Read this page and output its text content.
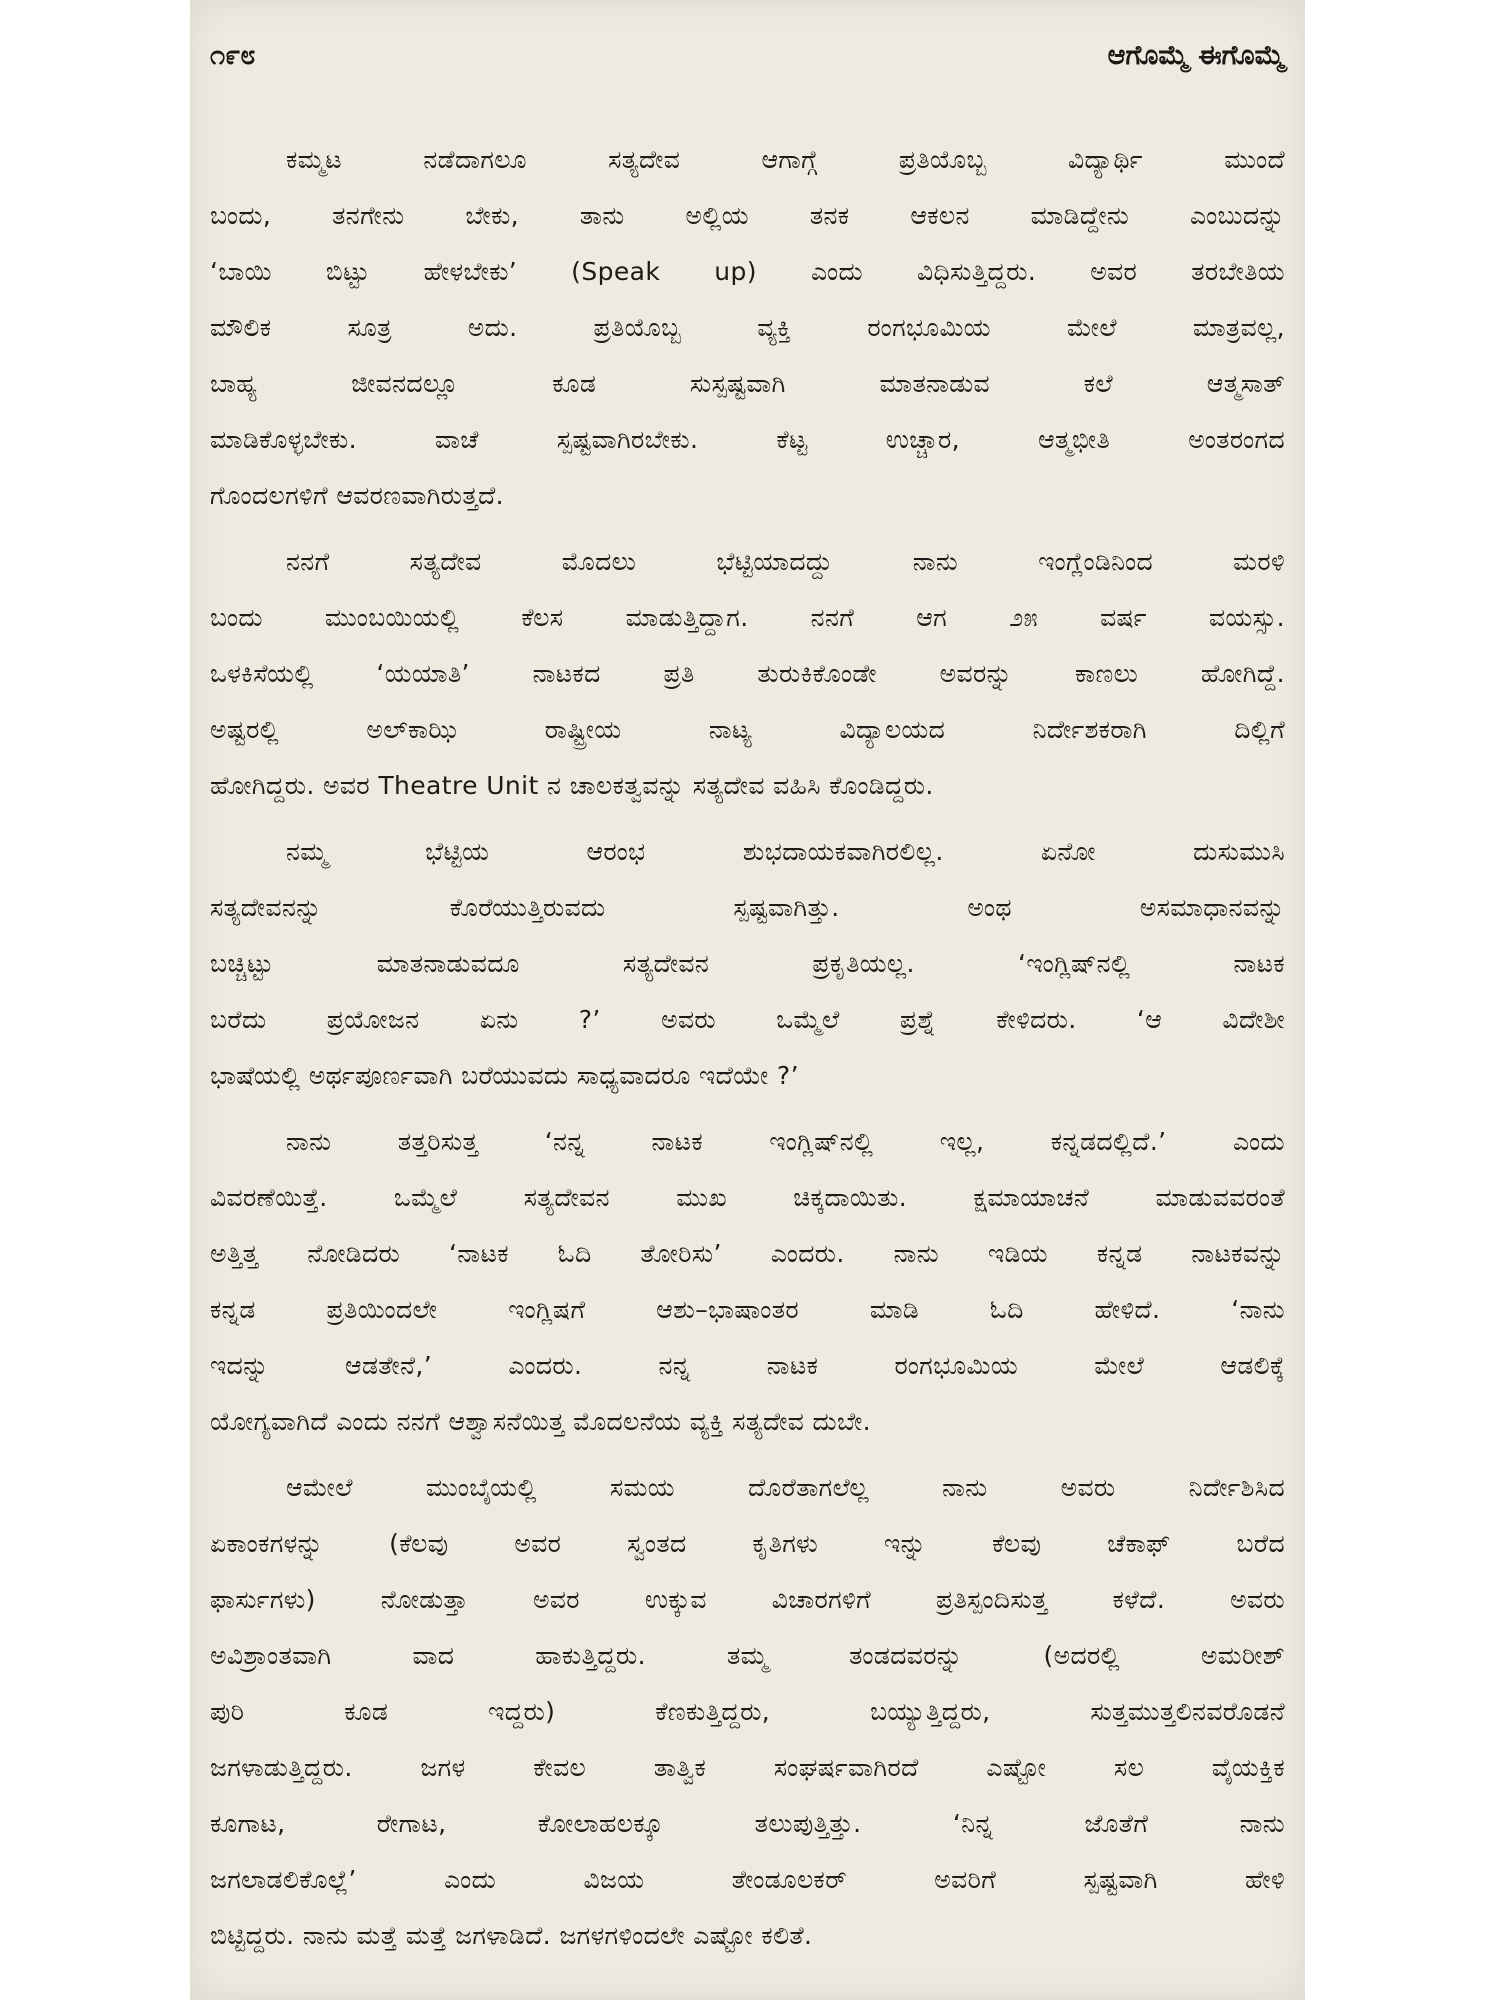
೧೯೮	ಆಗೊಮ್ಮೆ ಈಗೊಮ್ಮೆ
ಕಮ್ಮಟ ನಡೆದಾಗಲೂ ಸತ್ಯದೇವ ಆಗಾಗ್ಗೆ ಪ್ರತಿಯೊಬ್ಬ ವಿದ್ಯಾರ್ಥಿ ಮುಂದೆ
ಬಂದು, ತನಗೇನು ಬೇಕು, ತಾನು ಅಲ್ಲಿಯ ತನಕ ಆಕಲನ ಮಾಡಿದ್ದೇನು ಎಂಬುದನ್ನು
‘ಬಾಯಿ ಬಿಟ್ಟು ಹೇಳಬೇಕು’ (Speak up) ಎಂದು ವಿಧಿಸುತ್ತಿದ್ದರು. ಅವರ ತರಬೇತಿಯ
ಮೌಲಿಕ ಸೂತ್ರ ಅದು. ಪ್ರತಿಯೊಬ್ಬ ವ್ಯಕ್ತಿ ರಂಗಭೂಮಿಯ ಮೇಲೆ ಮಾತ್ರವಲ್ಲ,
ಬಾಹ್ಯ ಜೀವನದಲ್ಲೂ ಕೂಡ ಸುಸ್ಪಷ್ಟವಾಗಿ ಮಾತನಾಡುವ ಕಲೆ ಆತ್ಮಸಾತ್
ಮಾಡಿಕೊಳ್ಳಬೇಕು. ವಾಚೆ ಸ್ಪಷ್ಟವಾಗಿರಬೇಕು. ಕೆಟ್ಟ ಉಚ್ಚಾರ, ಆತ್ಮಭೀತಿ ಅಂತರಂಗದ
ಗೊಂದಲಗಳಿಗೆ ಆವರಣವಾಗಿರುತ್ತದೆ.
ನನಗೆ ಸತ್ಯದೇವ ಮೊದಲು ಭೆಟ್ಟಿಯಾದದ್ದು ನಾನು ಇಂಗ್ಲೆಂಡಿನಿಂದ ಮರಳಿ
ಬಂದು ಮುಂಬಯಿಯಲ್ಲಿ ಕೆಲಸ ಮಾಡುತ್ತಿದ್ದಾಗ. ನನಗೆ ಆಗ ೨೫ ವರ್ಷ ವಯಸ್ಸು.
ಒಳಕಿಸೆಯಲ್ಲಿ ‘ಯಯಾತಿ’ ನಾಟಕದ ಪ್ರತಿ ತುರುಕಿಕೊಂಡೇ ಅವರನ್ನು ಕಾಣಲು ಹೋಗಿದ್ದೆ.
ಅಷ್ಟರಲ್ಲಿ ಅಲ್‌ಕಾಝಿ ರಾಷ್ಟ್ರೀಯ ನಾಟ್ಯ ವಿದ್ಯಾಲಯದ ನಿರ್ದೇಶಕರಾಗಿ ದಿಲ್ಲಿಗೆ
ಹೋಗಿದ್ದರು. ಅವರ Theatre Unit ನ ಚಾಲಕತ್ವವನ್ನು ಸತ್ಯದೇವ ವಹಿಸಿ ಕೊಂಡಿದ್ದರು.
ನಮ್ಮ ಭೆಟ್ಟಿಯ ಆರಂಭ ಶುಭದಾಯಕವಾಗಿರಲಿಲ್ಲ. ಏನೋ ದುಸುಮುಸಿ
ಸತ್ಯದೇವನನ್ನು ಕೊರೆಯುತ್ತಿರುವದು ಸ್ಪಷ್ಟವಾಗಿತ್ತು. ಅಂಥ ಅಸಮಾಧಾನವನ್ನು
ಬಚ್ಚಿಟ್ಟು ಮಾತನಾಡುವದೂ ಸತ್ಯದೇವನ ಪ್ರಕೃತಿಯಲ್ಲ. ‘ಇಂಗ್ಲಿಷ್‌ನಲ್ಲಿ ನಾಟಕ
ಬರೆದು ಪ್ರಯೋಜನ ಏನು ?’ ಅವರು ಒಮ್ಮೆಲೆ ಪ್ರಶ್ನೆ ಕೇಳಿದರು. ‘ಆ ವಿದೇಶೀ
ಭಾಷೆಯಲ್ಲಿ ಅರ್ಥಪೂರ್ಣವಾಗಿ ಬರೆಯುವದು ಸಾಧ್ಯವಾದರೂ ಇದೆಯೇ ?’
ನಾನು ತತ್ತರಿಸುತ್ತ ‘ನನ್ನ ನಾಟಕ ಇಂಗ್ಲಿಷ್‌ನಲ್ಲಿ ಇಲ್ಲ, ಕನ್ನಡದಲ್ಲಿದೆ.’ ಎಂದು
ವಿವರಣೆಯಿತ್ತೆ. ಒಮ್ಮೆಲೆ ಸತ್ಯದೇವನ ಮುಖ ಚಿಕ್ಕದಾಯಿತು. ಕ್ಷಮಾಯಾಚನೆ ಮಾಡುವವರಂತೆ
ಅತ್ತಿತ್ತ ನೋಡಿದರು ‘ನಾಟಕ ಓದಿ ತೋರಿಸು’ ಎಂದರು. ನಾನು ಇಡಿಯ ಕನ್ನಡ ನಾಟಕವನ್ನು
ಕನ್ನಡ ಪ್ರತಿಯಿಂದಲೇ ಇಂಗ್ಲಿಷಗೆ ಆಶು–ಭಾಷಾಂತರ ಮಾಡಿ ಓದಿ ಹೇಳಿದೆ. ‘ನಾನು
ಇದನ್ನು ಆಡತೇನೆ,’ ಎಂದರು. ನನ್ನ ನಾಟಕ ರಂಗಭೂಮಿಯ ಮೇಲೆ ಆಡಲಿಕ್ಕೆ
ಯೋಗ್ಯವಾಗಿದೆ ಎಂದು ನನಗೆ ಆಶ್ವಾಸನೆಯಿತ್ತ ಮೊದಲನೆಯ ವ್ಯಕ್ತಿ ಸತ್ಯದೇವ ದುಬೇ.
ಆಮೇಲೆ ಮುಂಬೈಯಲ್ಲಿ ಸಮಯ ದೊರೆತಾಗಲೆಲ್ಲ ನಾನು ಅವರು ನಿರ್ದೇಶಿಸಿದ
ಏಕಾಂಕಗಳನ್ನು (ಕೆಲವು ಅವರ ಸ್ವಂತದ ಕೃತಿಗಳು ಇನ್ನು ಕೆಲವು ಚೆಕಾಫ್ ಬರೆದ
ಫಾರ್ಸುಗಳು) ನೋಡುತ್ತಾ ಅವರ ಉಕ್ಕುವ ವಿಚಾರಗಳಿಗೆ ಪ್ರತಿಸ್ಪಂದಿಸುತ್ತ ಕಳೆದೆ. ಅವರು
ಅವಿಶ್ರಾಂತವಾಗಿ ವಾದ ಹಾಕುತ್ತಿದ್ದರು. ತಮ್ಮ ತಂಡದವರನ್ನು (ಅದರಲ್ಲಿ ಅಮರೀಶ್
ಪುರಿ ಕೂಡ ಇದ್ದರು) ಕೆಣಕುತ್ತಿದ್ದರು, ಬಯ್ಯುತ್ತಿದ್ದರು, ಸುತ್ತಮುತ್ತಲಿನವರೊಡನೆ
ಜಗಳಾಡುತ್ತಿದ್ದರು. ಜಗಳ ಕೇವಲ ತಾತ್ವಿಕ ಸಂಘರ್ಷವಾಗಿರದೆ ಎಷ್ಟೋ ಸಲ ವೈಯಕ್ತಿಕ
ಕೂಗಾಟ, ರೇಗಾಟ, ಕೋಲಾಹಲಕ್ಕೂ ತಲುಪುತ್ತಿತ್ತು. ‘ನಿನ್ನ ಜೊತೆಗೆ ನಾನು
ಜಗಲಾಡಲಿಕೊಲ್ಲೆ’ ಎಂದು ವಿಜಯ ತೇಂಡೂಲಕರ್ ಅವರಿಗೆ ಸ್ಪಷ್ಟವಾಗಿ ಹೇಳಿ
ಬಿಟ್ಟಿದ್ದರು. ನಾನು ಮತ್ತೆ ಮತ್ತೆ ಜಗಳಾಡಿದೆ. ಜಗಳಗಳಿಂದಲೇ ಎಷ್ಟೋ ಕಲಿತೆ.
